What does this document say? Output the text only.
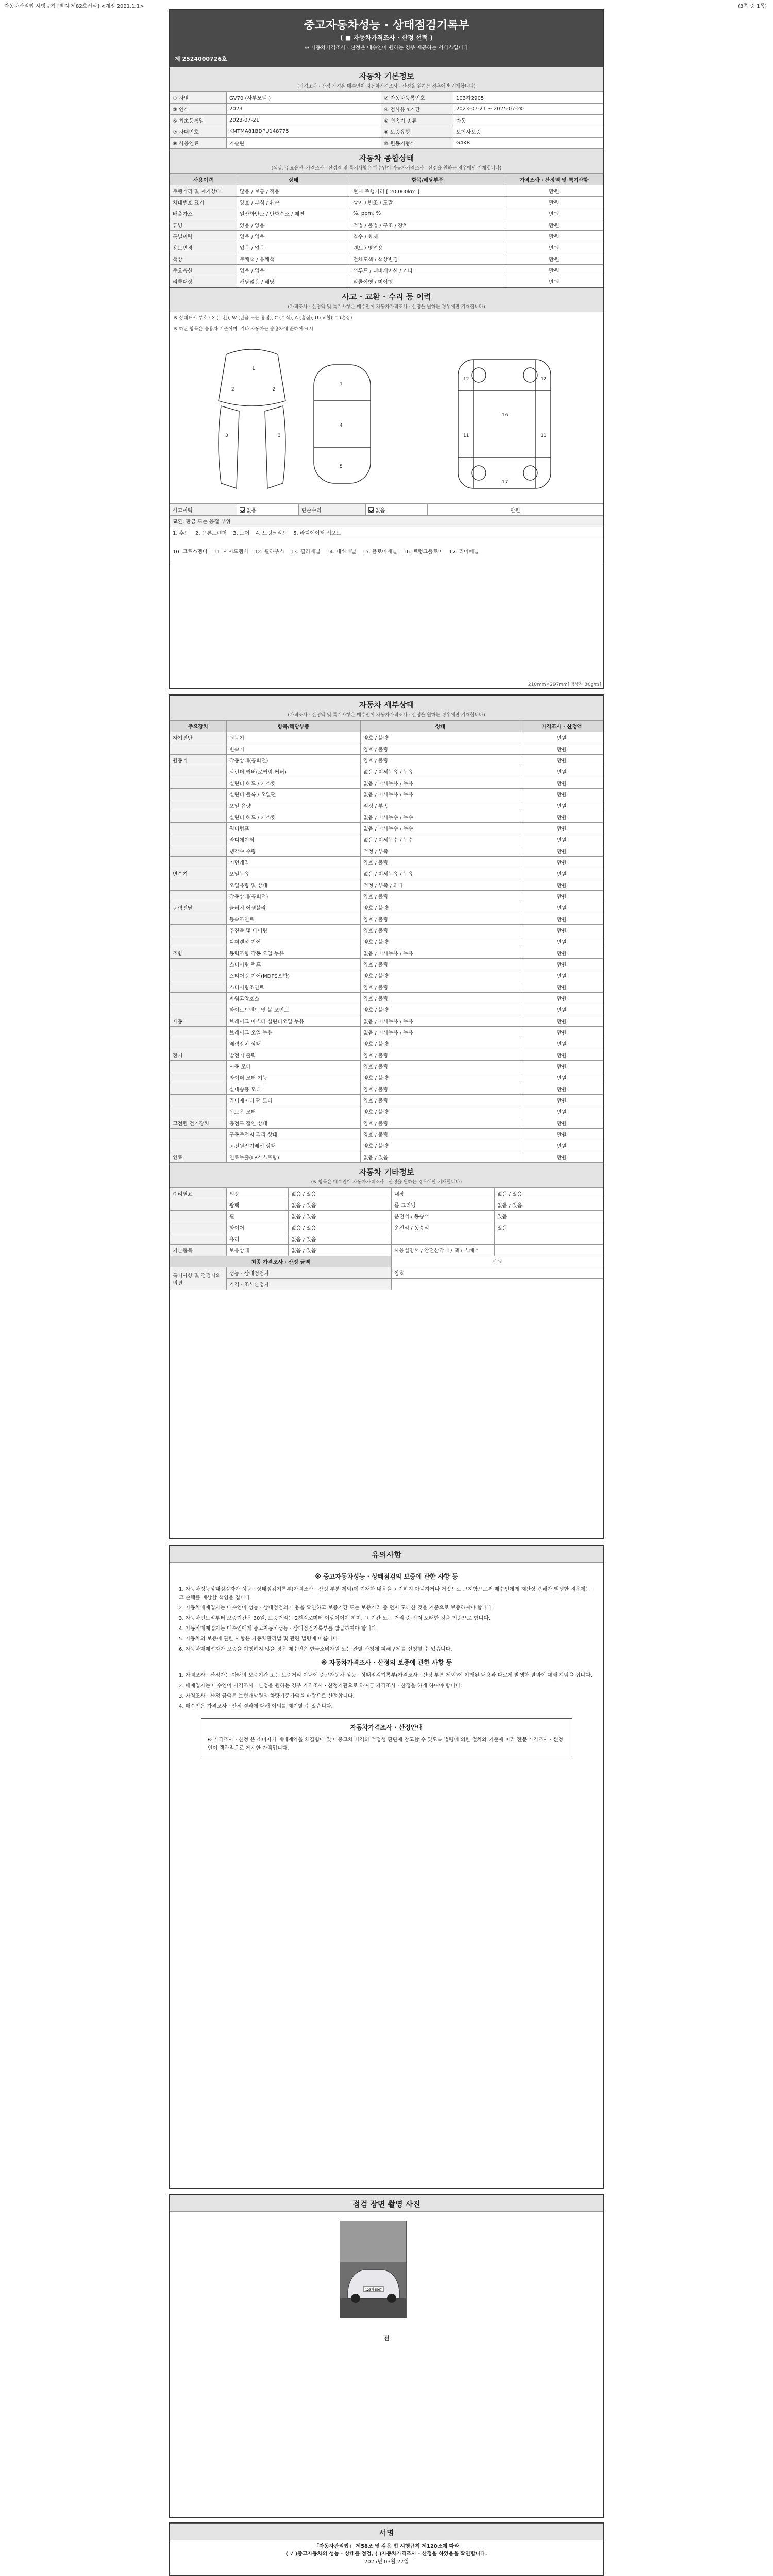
자동차관리법 시행규칙 [별지 제82호서식] <개정 2021.1.1>	(3쪽 중 1쪽)
중고자동차성능 · 상태점검기록부
( ■ 자동차가격조사 · 산정 선택 )
※ 자동차가격조사 · 산정은 매수인이 원하는 경우 제공하는 서비스입니다
제 2524000726호
자동차 기본정보
(가격조사 · 산정 가격은 매수인이 자동차가격조사 · 산정을 원하는 경우에만 기재합니다)
① 차명	GV70 (사부모델 )	② 자동차등록번호	103하2905
③ 연식	2023	④ 검사유효기간	2023-07-21 ~ 2025-07-20
⑤ 최초등록일	2023-07-21	⑥ 변속기 종류	자동
⑦ 차대번호	KMTMA81BDPU148775	⑧ 보증유형	보험사보증
⑨ 사용연료	가솔린	⑩ 원동기형식	G4KR
자동차 종합상태
(색상, 주요옵션, 가격조사 · 산정액 및 특기사항은 매수인이 자동차가격조사 · 산정을 원하는 경우에만 기재합니다)
사용이력	상태	항목/해당부품	가격조사 · 산정액 및 특기사항
주행거리 및 계기상태	많음 / 보통 / 적음	현재 주행거리 [ 20,000km ]	만원
차대번호 표기	양호 / 부식 / 훼손	상이 / 변조 / 도말	만원
배출가스	일산화탄소 / 탄화수소 / 매연	%, ppm, %	만원
튜닝	있음 / 없음	적법 / 불법 / 구조 / 장치	만원
특별이력	있음 / 없음	침수 / 화재	만원
용도변경	있음 / 없음	렌트 / 영업용	만원
색상	무채색 / 유채색	전체도색 / 색상변경	만원
주요옵션	있음 / 없음	선루프 / 내비게이션 / 기타	만원
리콜대상	해당없음 / 해당	리콜이행 / 미이행	만원
사고 · 교환 · 수리 등 이력
(가격조사 · 산정액 및 특기사항은 매수인이 자동차가격조사 · 산정을 원하는 경우에만 기재합니다)
※ 상태표시 부호 : X (교환), W (판금 또는 용접), C (부식), A (흠집), U (요철), T (손상)
※ 하단 항목은 승용차 기준이며, 기타 자동차는 승용차에 준하여 표시
1
2	2
3	3
1
4
5
16
12	12
11	11
17
사고이력	없음	단순수리	없음	만원
교환, 판금 또는 용접 부위
1. 후드 2. 프론트펜더 3. 도어 4. 트렁크리드 5. 라디에이터 서포트
10. 크로스멤버 11. 사이드멤버 12. 휠하우스 13. 필러패널 14. 대쉬패널 15. 플로어패널 16. 트렁크플로어 17. 리어패널
210mm×297mm[백상지 80g/㎡]
자동차 세부상태
(가격조사 · 산정액 및 특기사항은 매수인이 자동차가격조사 · 산정을 원하는 경우에만 기재합니다)
주요장치	항목/해당부품	상태	가격조사 · 산정액
자기진단	원동기	양호 / 불량	만원
	변속기	양호 / 불량	만원
원동기	작동상태(공회전)	양호 / 불량	만원
	실린더 커버(로커암 커버)	없음 / 미세누유 / 누유	만원
	실린더 헤드 / 개스킷	없음 / 미세누유 / 누유	만원
	실린더 블록 / 오일팬	없음 / 미세누유 / 누유	만원
	오일 유량	적정 / 부족	만원
	실린더 헤드 / 개스킷	없음 / 미세누수 / 누수	만원
	워터펌프	없음 / 미세누수 / 누수	만원
	라디에이터	없음 / 미세누수 / 누수	만원
	냉각수 수량	적정 / 부족	만원
	커먼레일	양호 / 불량	만원
변속기	오일누유	없음 / 미세누유 / 누유	만원
	오일유량 및 상태	적정 / 부족 / 과다	만원
	작동상태(공회전)	양호 / 불량	만원
동력전달	클러치 어셈블리	양호 / 불량	만원
	등속조인트	양호 / 불량	만원
	추진축 및 베어링	양호 / 불량	만원
	디퍼렌셜 기어	양호 / 불량	만원
조향	동력조향 작동 오일 누유	없음 / 미세누유 / 누유	만원
	스티어링 펌프	양호 / 불량	만원
	스티어링 기어(MDPS포함)	양호 / 불량	만원
	스티어링조인트	양호 / 불량	만원
	파워고압호스	양호 / 불량	만원
	타이로드엔드 및 볼 조인트	양호 / 불량	만원
제동	브레이크 마스터 실린더오일 누유	없음 / 미세누유 / 누유	만원
	브레이크 오일 누유	없음 / 미세누유 / 누유	만원
	배력장치 상태	양호 / 불량	만원
전기	발전기 출력	양호 / 불량	만원
	시동 모터	양호 / 불량	만원
	와이퍼 모터 기능	양호 / 불량	만원
	실내송풍 모터	양호 / 불량	만원
	라디에이터 팬 모터	양호 / 불량	만원
	윈도우 모터	양호 / 불량	만원
고전원 전기장치	충전구 절연 상태	양호 / 불량	만원
	구동축전지 격리 상태	양호 / 불량	만원
	고전원전기배선 상태	양호 / 불량	만원
연료	연료누출(LP가스포함)	없음 / 있음	만원
자동차 기타정보
(※ 항목은 매수인이 자동차가격조사 · 산정을 원하는 경우에만 기재합니다)
수리필요	외장	없음 / 있음	내장	없음 / 있음
	광택	없음 / 있음	룸 크리닝	없음 / 있음
	휠	없음 / 있음	운전석 / 동승석	있음
	타이어	없음 / 있음	운전석 / 동승석	있음
	유리	없음 / 있음		
기본품목	보유상태	없음 / 있음	사용설명서 / 안전삼각대 / 잭 / 스패너	
최종 가격조사 · 산정 금액			만원	
특기사항 및 점검자의 의견	성능 · 상태점검자		양호	
	가격 · 조사산정자			
유의사항
※ 중고자동차성능 · 상태점검의 보증에 관한 사항 등

1. 자동차성능상태점검자가 성능 · 상태점검기록부(가격조사 · 산정 부분 제외)에 기재한 내용을 고지하지 아니하거나 거짓으로 고지함으로써 매수인에게 재산상 손해가 발생한 경우에는 그 손해를 배상할 책임을 집니다.

2. 자동차매매업자는 매수인이 성능 · 상태점검의 내용을 확인하고 보증기간 또는 보증거리 중 먼저 도래한 것을 기준으로 보증하여야 합니다.

3. 자동차인도일부터 보증기간은 30일, 보증거리는 2천킬로미터 이상이어야 하며, 그 기간 또는 거리 중 먼저 도래한 것을 기준으로 합니다.

4. 자동차매매업자는 매수인에게 중고자동차성능 · 상태점검기록부를 발급하여야 합니다.

5. 자동차의 보증에 관한 사항은 자동차관리법 및 관련 법령에 따릅니다.

6. 자동차매매업자가 보증을 이행하지 않을 경우 매수인은 한국소비자원 또는 관할 관청에 피해구제를 신청할 수 있습니다.

※ 자동차가격조사 · 산정의 보증에 관한 사항 등

1. 가격조사 · 산정자는 아래의 보증기간 또는 보증거리 이내에 중고자동차 성능 · 상태점검기록부(가격조사 · 산정 부분 제외)에 기재된 내용과 다르게 발생한 결과에 대해 책임을 집니다.

2. 매매업자는 매수인이 가격조사 · 산정을 원하는 경우 가격조사 · 산정기관으로 하여금 가격조사 · 산정을 하게 하여야 합니다.

3. 가격조사 · 산정 금액은 보험개발원의 차량기준가액을 바탕으로 산정합니다.

4. 매수인은 가격조사 · 산정 결과에 대해 이의를 제기할 수 있습니다.

자동차가격조사 · 산정안내
※ 가격조사 · 산정 은 소비자가 매매계약을 체결함에 있어 중고차 가격의 적정성 판단에 참고할 수 있도록 법령에 의한 절차와 기준에 따라 전문 가격조사 · 산정인이 객관적으로 제시한 가액입니다.
점검 장면 촬영 사진
123가4567
전
서명
「자동차관리법」 제58조 및 같은 법 시행규칙 제120조에 따라
( √ )중고자동차의 성능 · 상태를 점검, ( )자동차가격조사 · 산정을 하였음을 확인합니다.
2025년 03월 27일
